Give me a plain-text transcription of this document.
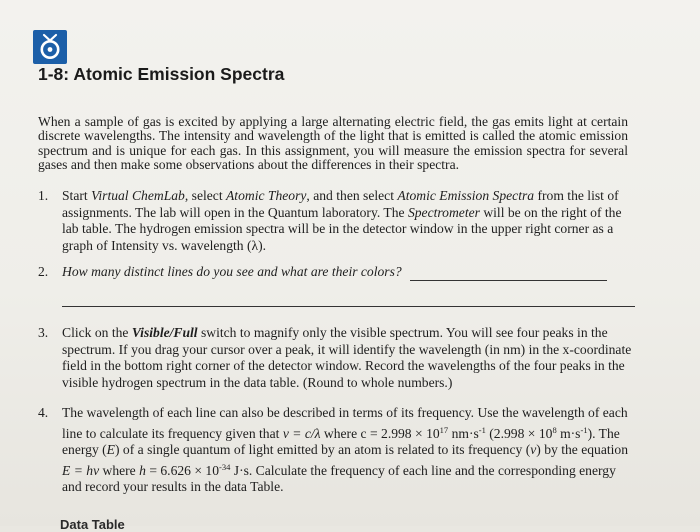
1-8: Atomic Emission Spectra

When a sample of gas is excited by applying a large alternating electric field, the gas emits light at certain discrete wavelengths. The intensity and wavelength of the light that is emitted is called the atomic emission spectrum and is unique for each gas. In this assignment, you will measure the emission spectra for several gases and then make some observations about the differences in their spectra.

1.	Start Virtual ChemLab, select Atomic Theory, and then select Atomic Emission Spectra from the list of assignments. The lab will open in the Quantum laboratory. The Spectrometer will be on the right of the lab table. The hydrogen emission spectra will be in the detector window in the upper right corner as a graph of Intensity vs. wavelength (λ).
2.	How many distinct lines do you see and what are their colors?
3.	Click on the Visible/Full switch to magnify only the visible spectrum. You will see four peaks in the spectrum. If you drag your cursor over a peak, it will identify the wavelength (in nm) in the x-coordinate field in the bottom right corner of the detector window. Record the wavelengths of the four peaks in the visible hydrogen spectrum in the data table. (Round to whole numbers.)
4.	The wavelength of each line can also be described in terms of its frequency. Use the wavelength of each line to calculate its frequency given that ν = c/λ where $c = 2.998 \times 10^{17}$ $nm\cdot s^{-1}$ ($2.998 \times 10^8$ $m\cdot s^{-1}$). The energy (E) of a single quantum of light emitted by an atom is related to its frequency (ν) by the equation E = hν where $h = 6.626 \times 10^{-34}$ J·s. Calculate the frequency of each line and the corresponding energy and record your results in the data Table.
Data Table
